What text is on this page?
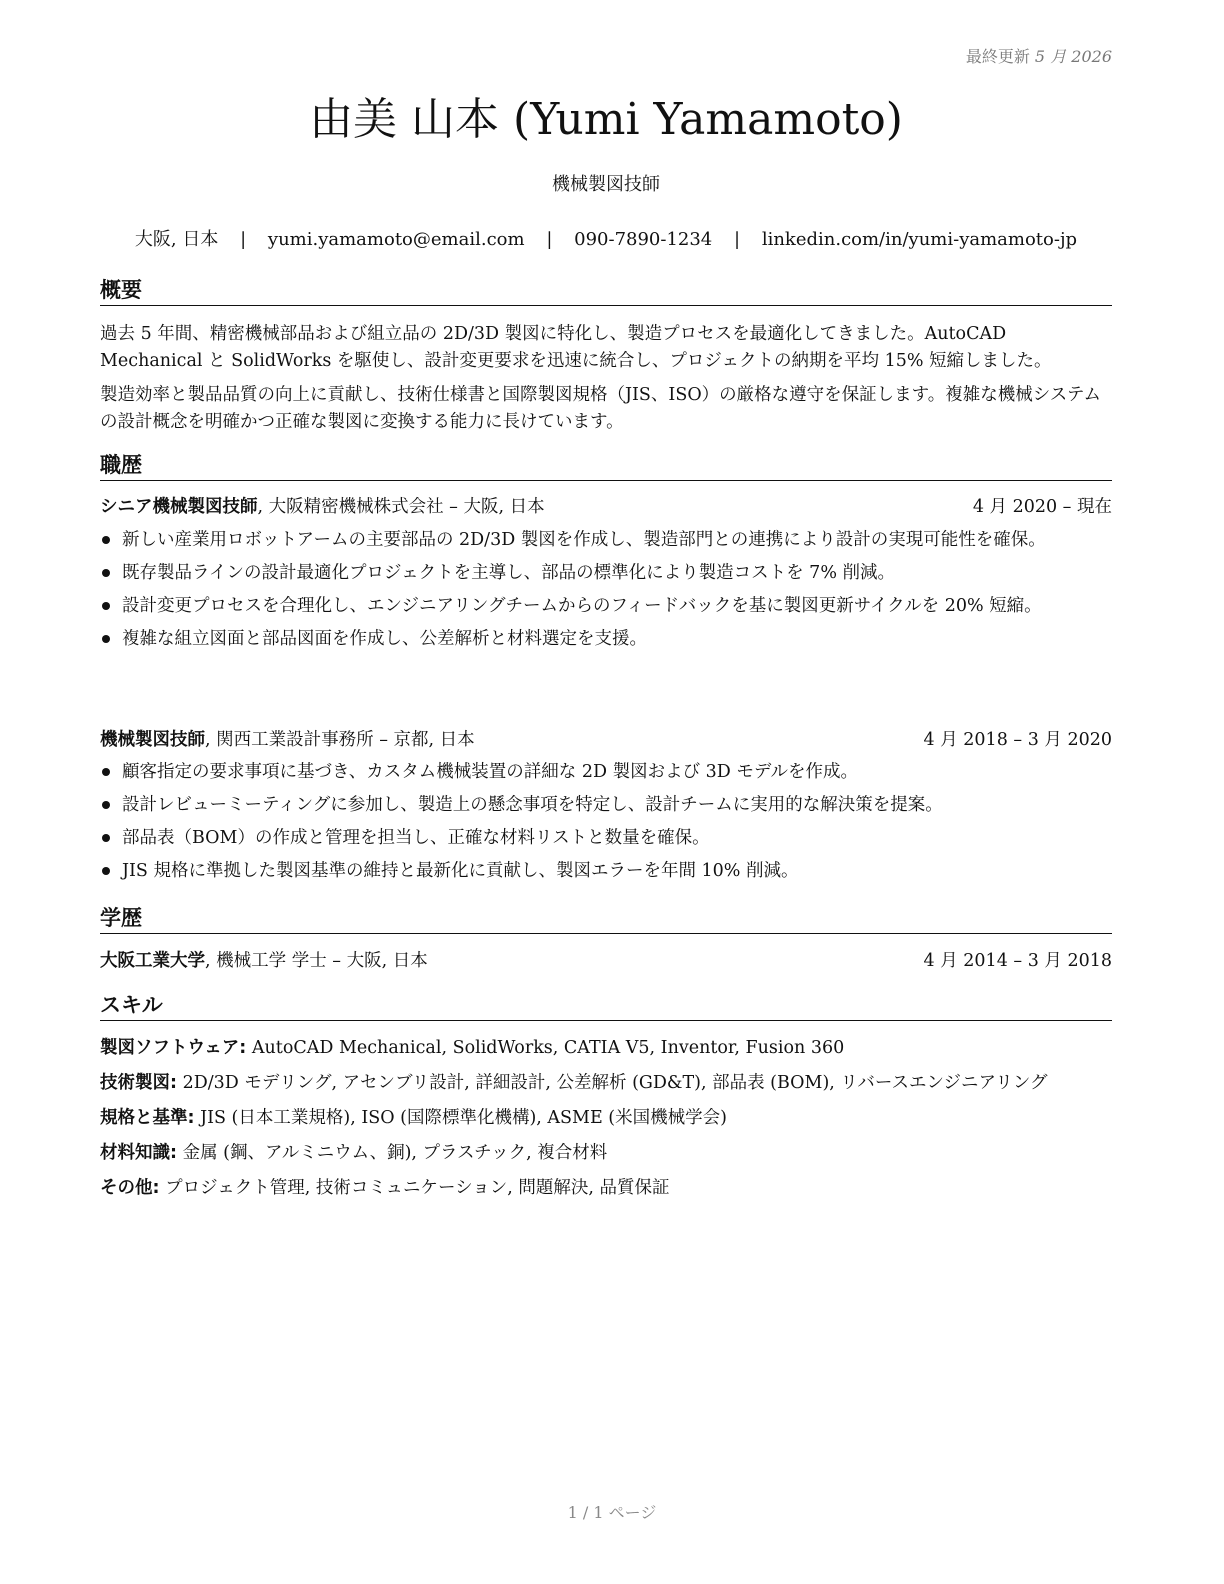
最終更新 5 月 2026
由美 山本 (Yumi Yamamoto)
機械製図技師
大阪, 日本 | yumi.yamamoto@email.com | 090-7890-1234 | linkedin.com/in/yumi-yamamoto-jp
概要

過去 5 年間、精密機械部品および組立品の 2D/3D 製図に特化し、製造プロセスを最適化してきました。AutoCAD Mechanical と SolidWorks を駆使し、設計変更要求を迅速に統合し、プロジェクトの納期を平均 15% 短縮しました。

製造効率と製品品質の向上に貢献し、技術仕様書と国際製図規格（JIS、ISO）の厳格な遵守を保証します。複雑な機械システムの設計概念を明確かつ正確な製図に変換する能力に長けています。

職歴
シニア機械製図技師, 大阪精密機械株式会社 – 大阪, 日本	4 月 2020 – 現在
新しい産業用ロボットアームの主要部品の 2D/3D 製図を作成し、製造部門との連携により設計の実現可能性を確保。
既存製品ラインの設計最適化プロジェクトを主導し、部品の標準化により製造コストを 7% 削減。
設計変更プロセスを合理化し、エンジニアリングチームからのフィードバックを基に製図更新サイクルを 20% 短縮。
複雑な組立図面と部品図面を作成し、公差解析と材料選定を支援。
機械製図技師, 関西工業設計事務所 – 京都, 日本	4 月 2018 – 3 月 2020
顧客指定の要求事項に基づき、カスタム機械装置の詳細な 2D 製図および 3D モデルを作成。
設計レビューミーティングに参加し、製造上の懸念事項を特定し、設計チームに実用的な解決策を提案。
部品表（BOM）の作成と管理を担当し、正確な材料リストと数量を確保。
JIS 規格に準拠した製図基準の維持と最新化に貢献し、製図エラーを年間 10% 削減。
学歴
大阪工業大学, 機械工学 学士 – 大阪, 日本	4 月 2014 – 3 月 2018
スキル
製図ソフトウェア: AutoCAD Mechanical, SolidWorks, CATIA V5, Inventor, Fusion 360
技術製図: 2D/3D モデリング, アセンブリ設計, 詳細設計, 公差解析 (GD&T), 部品表 (BOM), リバースエンジニアリング
規格と基準: JIS (日本工業規格), ISO (国際標準化機構), ASME (米国機械学会)
材料知識: 金属 (鋼、アルミニウム、銅), プラスチック, 複合材料
その他: プロジェクト管理, 技術コミュニケーション, 問題解決, 品質保証
1 / 1 ページ
